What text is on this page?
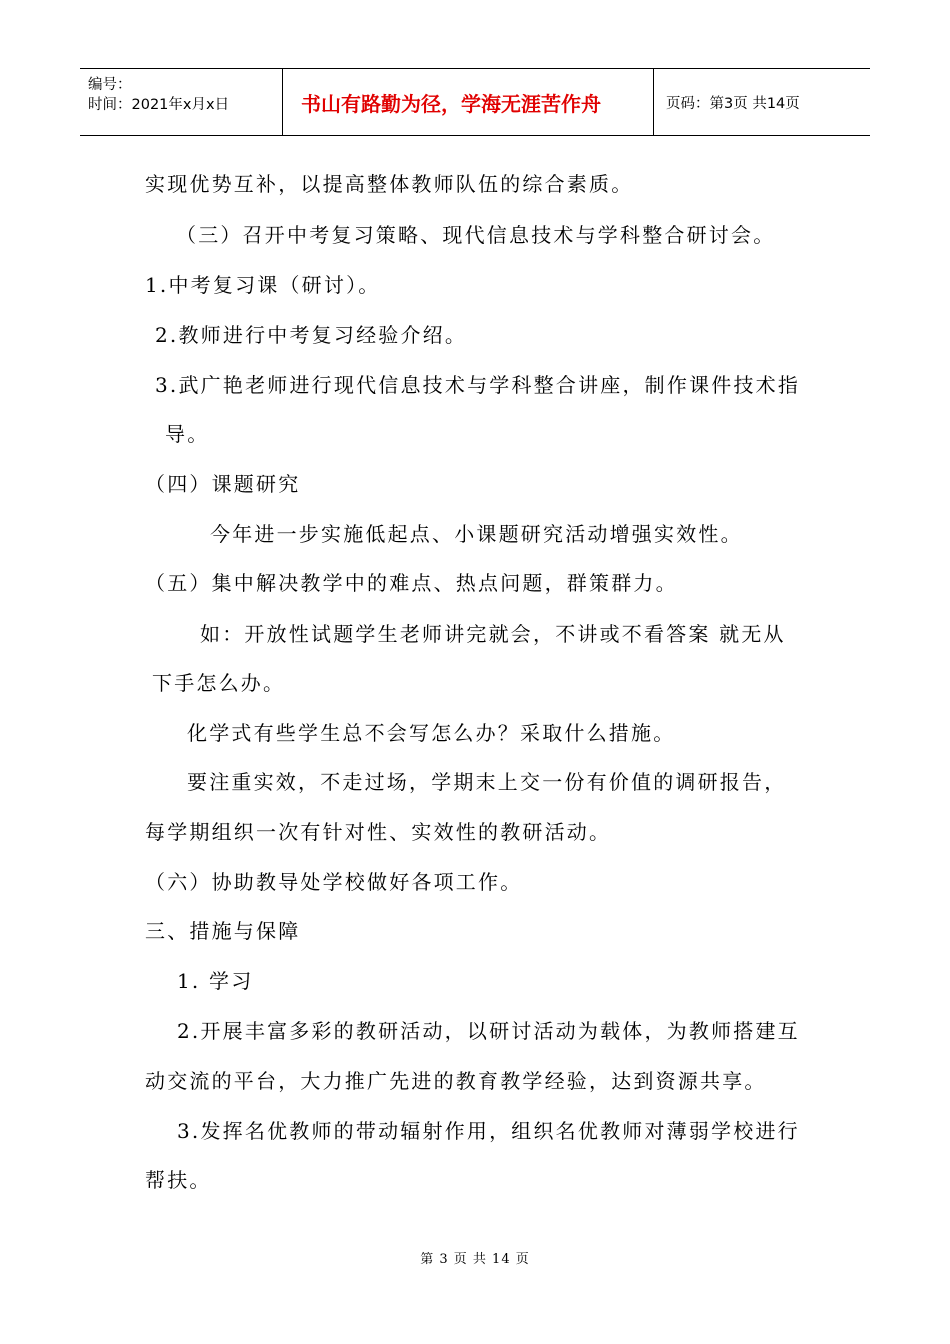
编号：
时间：2021年x月x日	书山有路勤为径，学海无涯苦作舟	页码：第3页 共14页
实现优势互补，以提高整体教师队伍的综合素质。
（三）召开中考复习策略、现代信息技术与学科整合研讨会。
1.中考复习课（研讨）。
2.教师进行中考复习经验介绍。
3.武广艳老师进行现代信息技术与学科整合讲座，制作课件技术指
导。
（四）课题研究
今年进一步实施低起点、小课题研究活动增强实效性。
（五）集中解决教学中的难点、热点问题，群策群力。
如：开放性试题学生老师讲完就会，不讲或不看答案 就无从
下手怎么办。
化学式有些学生总不会写怎么办？采取什么措施。
要注重实效，不走过场，学期末上交一份有价值的调研报告，
每学期组织一次有针对性、实效性的教研活动。
（六）协助教导处学校做好各项工作。
三、措施与保障
1. 学习
2.开展丰富多彩的教研活动，以研讨活动为载体，为教师搭建互
动交流的平台，大力推广先进的教育教学经验，达到资源共享。
3.发挥名优教师的带动辐射作用，组织名优教师对薄弱学校进行
帮扶。
第 3 页 共 14 页
